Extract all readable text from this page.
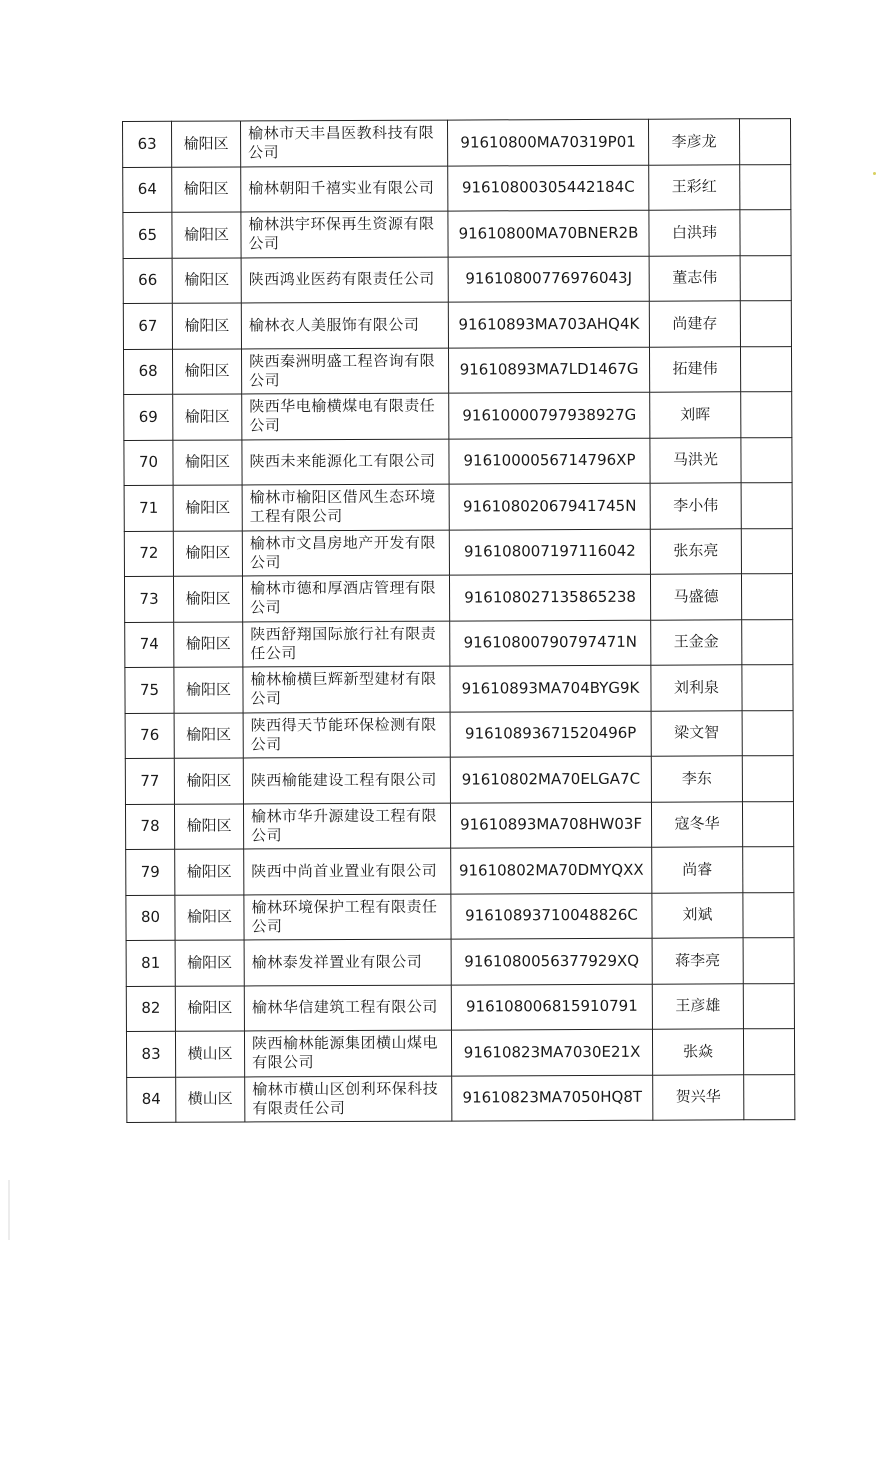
63	榆阳区	榆林市天丰昌医教科技有限公司	91610800MA70319P01	李彦龙	
64	榆阳区	榆林朝阳千禧实业有限公司	91610800305442184C	王彩红	
65	榆阳区	榆林洪宇环保再生资源有限公司	91610800MA70BNER2B	白洪玮	
66	榆阳区	陕西鸿业医药有限责任公司	91610800776976043J	董志伟	
67	榆阳区	榆林衣人美服饰有限公司	91610893MA703AHQ4K	尚建存	
68	榆阳区	陕西秦洲明盛工程咨询有限公司	91610893MA7LD1467G	拓建伟	
69	榆阳区	陕西华电榆横煤电有限责任公司	91610000797938927G	刘晖	
70	榆阳区	陕西未来能源化工有限公司	9161000056714796XP	马洪光	
71	榆阳区	榆林市榆阳区借风生态环境工程有限公司	91610802067941745N	李小伟	
72	榆阳区	榆林市文昌房地产开发有限公司	916108007197116042	张东亮	
73	榆阳区	榆林市德和厚酒店管理有限公司	916108027135865238	马盛德	
74	榆阳区	陕西舒翔国际旅行社有限责任公司	91610800790797471N	王金金	
75	榆阳区	榆林榆横巨辉新型建材有限公司	91610893MA704BYG9K	刘利泉	
76	榆阳区	陕西得天节能环保检测有限公司	91610893671520496P	梁文智	
77	榆阳区	陕西榆能建设工程有限公司	91610802MA70ELGA7C	李东	
78	榆阳区	榆林市华升源建设工程有限公司	91610893MA708HW03F	寇冬华	
79	榆阳区	陕西中尚首业置业有限公司	91610802MA70DMYQXX	尚睿	
80	榆阳区	榆林环境保护工程有限责任公司	91610893710048826C	刘斌	
81	榆阳区	榆林泰发祥置业有限公司	9161080056377929XQ	蒋李亮	
82	榆阳区	榆林华信建筑工程有限公司	916108006815910791	王彦雄	
83	横山区	陕西榆林能源集团横山煤电有限公司	91610823MA7030E21X	张焱	
84	横山区	榆林市横山区创利环保科技有限责任公司	91610823MA7050HQ8T	贺兴华	
